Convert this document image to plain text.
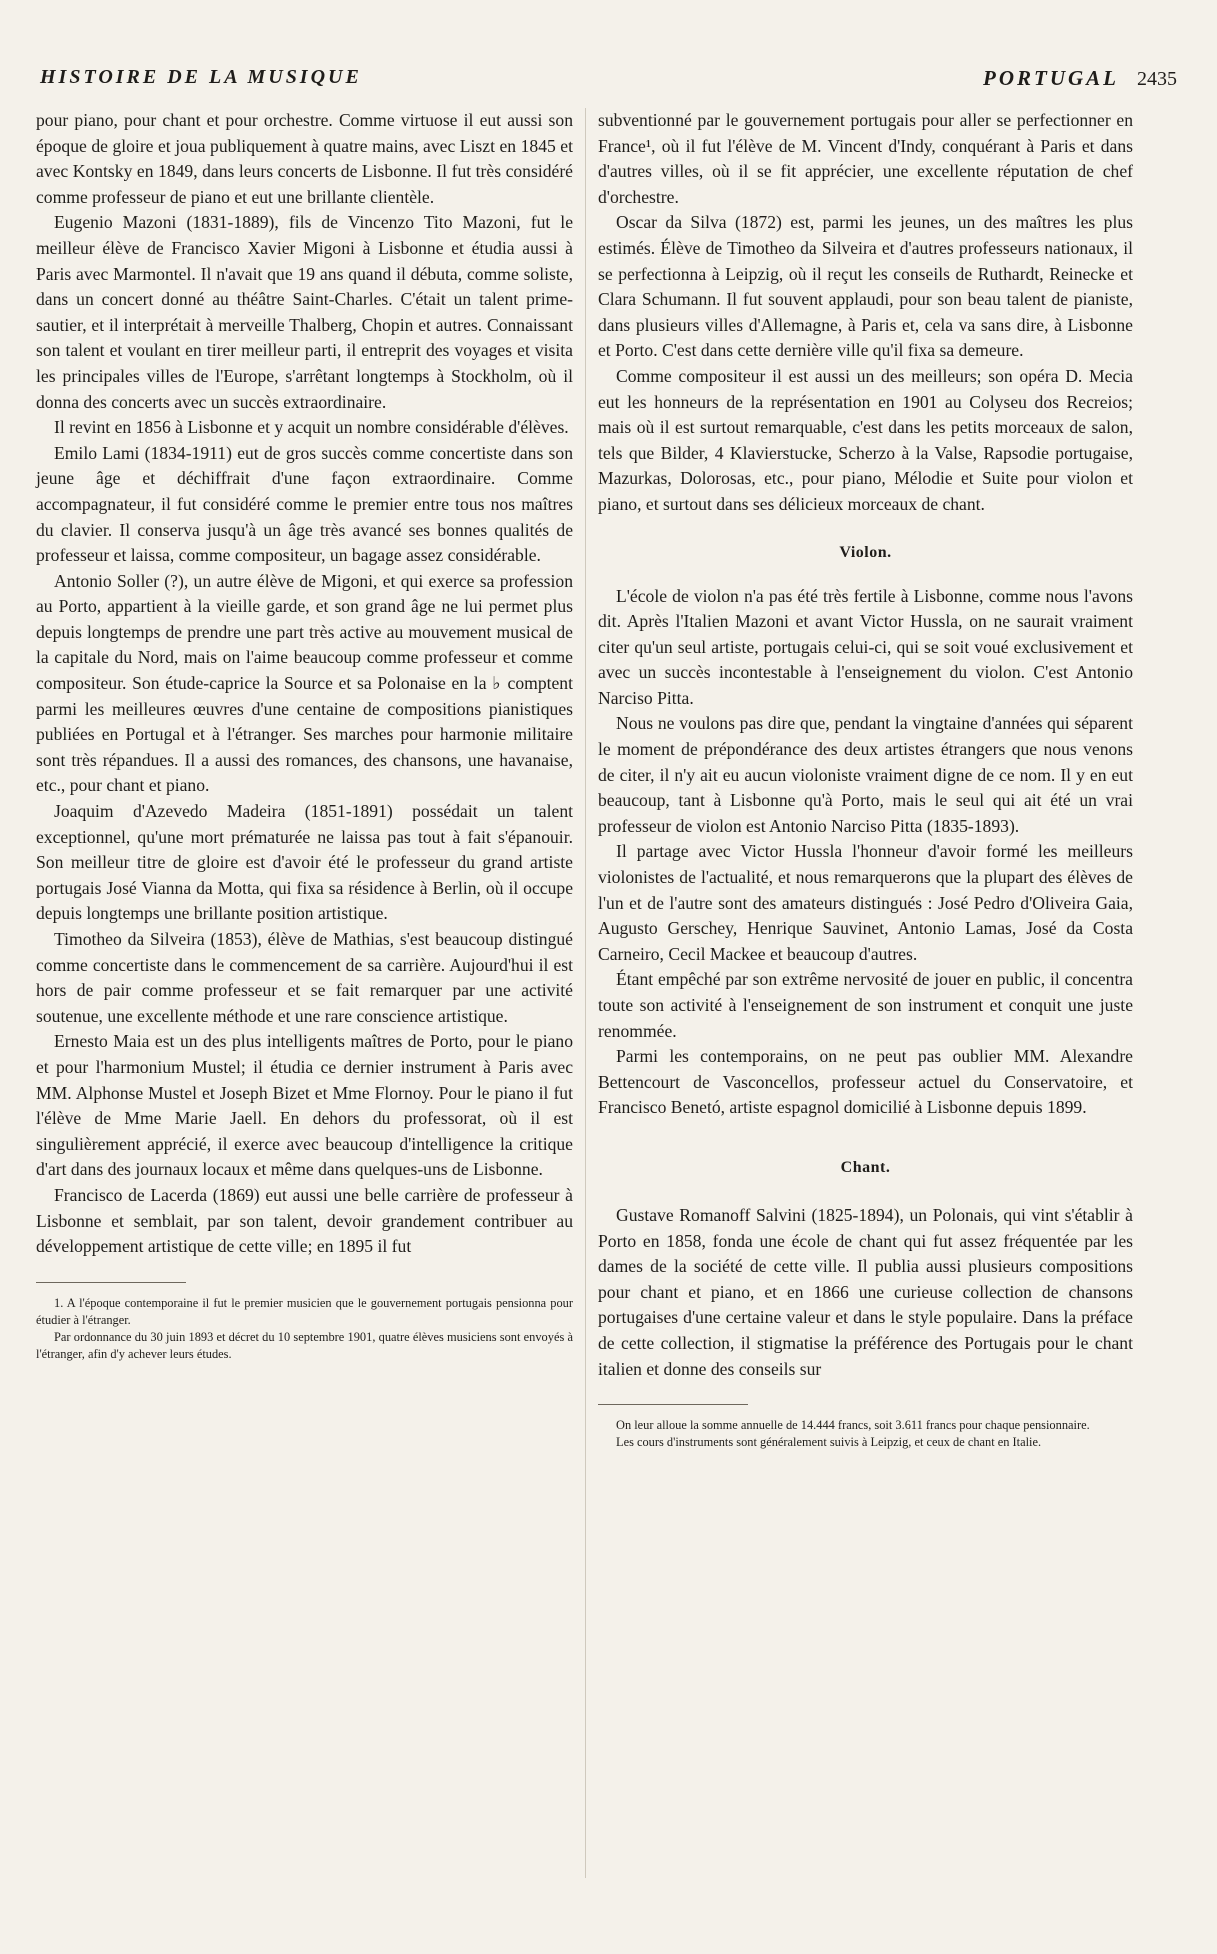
HISTOIRE DE LA MUSIQUE	PORTUGAL 2435

pour piano, pour chant et pour orchestre. Comme virtuose il eut aussi son époque de gloire et joua publiquement à quatre mains, avec Liszt en 1845 et avec Kontsky en 1849, dans leurs concerts de Lisbonne. Il fut très considéré comme professeur de piano et eut une brillante clientèle.

Eugenio Mazoni (1831-1889), fils de Vincenzo Tito Mazoni, fut le meilleur élève de Francisco Xavier Migoni à Lisbonne et étudia aussi à Paris avec Marmontel. Il n'avait que 19 ans quand il débuta, comme soliste, dans un concert donné au théâtre Saint-Charles. C'était un talent prime-sautier, et il interprétait à merveille Thalberg, Chopin et autres. Connaissant son talent et voulant en tirer meilleur parti, il entreprit des voyages et visita les principales villes de l'Europe, s'arrêtant longtemps à Stockholm, où il donna des concerts avec un succès extraordinaire.

Il revint en 1856 à Lisbonne et y acquit un nombre considérable d'élèves.

Emilo Lami (1834-1911) eut de gros succès comme concertiste dans son jeune âge et déchiffrait d'une façon extraordinaire. Comme accompagnateur, il fut considéré comme le premier entre tous nos maîtres du clavier. Il conserva jusqu'à un âge très avancé ses bonnes qualités de professeur et laissa, comme compositeur, un bagage assez considérable.

Antonio Soller (?), un autre élève de Migoni, et qui exerce sa profession au Porto, appartient à la vieille garde, et son grand âge ne lui permet plus depuis longtemps de prendre une part très active au mouvement musical de la capitale du Nord, mais on l'aime beaucoup comme professeur et comme compositeur. Son étude-caprice la Source et sa Polonaise en la ♭ comptent parmi les meilleures œuvres d'une centaine de compositions pianistiques publiées en Portugal et à l'étranger. Ses marches pour harmonie militaire sont très répandues. Il a aussi des romances, des chansons, une havanaise, etc., pour chant et piano.

Joaquim d'Azevedo Madeira (1851-1891) possédait un talent exceptionnel, qu'une mort prématurée ne laissa pas tout à fait s'épanouir. Son meilleur titre de gloire est d'avoir été le professeur du grand artiste portugais José Vianna da Motta, qui fixa sa résidence à Berlin, où il occupe depuis longtemps une brillante position artistique.

Timotheo da Silveira (1853), élève de Mathias, s'est beaucoup distingué comme concertiste dans le commencement de sa carrière. Aujourd'hui il est hors de pair comme professeur et se fait remarquer par une activité soutenue, une excellente méthode et une rare conscience artistique.

Ernesto Maia est un des plus intelligents maîtres de Porto, pour le piano et pour l'harmonium Mustel; il étudia ce dernier instrument à Paris avec MM. Alphonse Mustel et Joseph Bizet et Mme Flornoy. Pour le piano il fut l'élève de Mme Marie Jaell. En dehors du professorat, où il est singulièrement apprécié, il exerce avec beaucoup d'intelligence la critique d'art dans des journaux locaux et même dans quelques-uns de Lisbonne.

Francisco de Lacerda (1869) eut aussi une belle carrière de professeur à Lisbonne et semblait, par son talent, devoir grandement contribuer au développement artistique de cette ville; en 1895 il fut

1. A l'époque contemporaine il fut le premier musicien que le gouvernement portugais pensionna pour étudier à l'étranger.

Par ordonnance du 30 juin 1893 et décret du 10 septembre 1901, quatre élèves musiciens sont envoyés à l'étranger, afin d'y achever leurs études.

subventionné par le gouvernement portugais pour aller se perfectionner en France¹, où il fut l'élève de M. Vincent d'Indy, conquérant à Paris et dans d'autres villes, où il se fit apprécier, une excellente réputation de chef d'orchestre.

Oscar da Silva (1872) est, parmi les jeunes, un des maîtres les plus estimés. Élève de Timotheo da Silveira et d'autres professeurs nationaux, il se perfectionna à Leipzig, où il reçut les conseils de Ruthardt, Reinecke et Clara Schumann. Il fut souvent applaudi, pour son beau talent de pianiste, dans plusieurs villes d'Allemagne, à Paris et, cela va sans dire, à Lisbonne et Porto. C'est dans cette dernière ville qu'il fixa sa demeure.

Comme compositeur il est aussi un des meilleurs; son opéra D. Mecia eut les honneurs de la représentation en 1901 au Colyseu dos Recreios; mais où il est surtout remarquable, c'est dans les petits morceaux de salon, tels que Bilder, 4 Klavierstucke, Scherzo à la Valse, Rapsodie portugaise, Mazurkas, Dolorosas, etc., pour piano, Mélodie et Suite pour violon et piano, et surtout dans ses délicieux morceaux de chant.

Violon.

L'école de violon n'a pas été très fertile à Lisbonne, comme nous l'avons dit. Après l'Italien Mazoni et avant Victor Hussla, on ne saurait vraiment citer qu'un seul artiste, portugais celui-ci, qui se soit voué exclusivement et avec un succès incontestable à l'enseignement du violon. C'est Antonio Narciso Pitta.

Nous ne voulons pas dire que, pendant la vingtaine d'années qui séparent le moment de prépondérance des deux artistes étrangers que nous venons de citer, il n'y ait eu aucun violoniste vraiment digne de ce nom. Il y en eut beaucoup, tant à Lisbonne qu'à Porto, mais le seul qui ait été un vrai professeur de violon est Antonio Narciso Pitta (1835-1893).

Il partage avec Victor Hussla l'honneur d'avoir formé les meilleurs violonistes de l'actualité, et nous remarquerons que la plupart des élèves de l'un et de l'autre sont des amateurs distingués : José Pedro d'Oliveira Gaia, Augusto Gerschey, Henrique Sauvinet, Antonio Lamas, José da Costa Carneiro, Cecil Mackee et beaucoup d'autres.

Étant empêché par son extrême nervosité de jouer en public, il concentra toute son activité à l'enseignement de son instrument et conquit une juste renommée.

Parmi les contemporains, on ne peut pas oublier MM. Alexandre Bettencourt de Vasconcellos, professeur actuel du Conservatoire, et Francisco Benetó, artiste espagnol domicilié à Lisbonne depuis 1899.

Chant.

Gustave Romanoff Salvini (1825-1894), un Polonais, qui vint s'établir à Porto en 1858, fonda une école de chant qui fut assez fréquentée par les dames de la société de cette ville. Il publia aussi plusieurs compositions pour chant et piano, et en 1866 une curieuse collection de chansons portugaises d'une certaine valeur et dans le style populaire. Dans la préface de cette collection, il stigmatise la préférence des Portugais pour le chant italien et donne des conseils sur

On leur alloue la somme annuelle de 14.444 francs, soit 3.611 francs pour chaque pensionnaire.

Les cours d'instruments sont généralement suivis à Leipzig, et ceux de chant en Italie.
